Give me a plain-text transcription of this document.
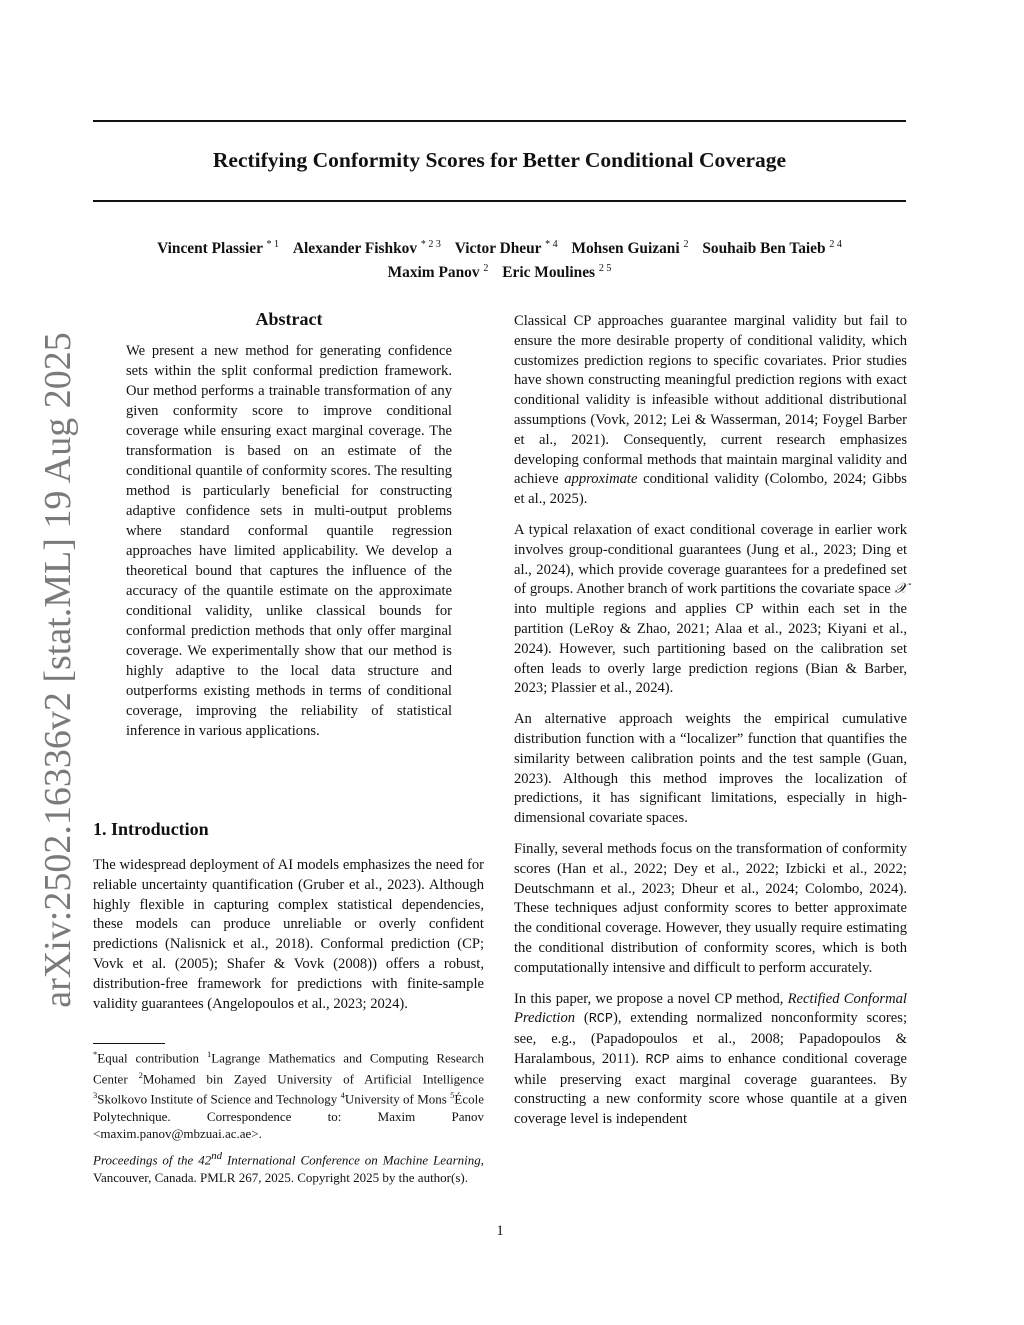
Rectifying Conformity Scores for Better Conditional Coverage
Vincent Plassier $^{* 1}$ Alexander Fishkov $^{* 2 3}$ Victor Dheur $^{* 4}$ Mohsen Guizani $^2$ Souhaib Ben Taieb $^{2 4}$
Maxim Panov $^2$ Eric Moulines $^{2 5}$
arXiv:2502.16336v2 [stat.ML] 19 Aug 2025
Abstract
We present a new method for generating confidence sets within the split conformal prediction framework. Our method performs a trainable transformation of any given conformity score to improve conditional coverage while ensuring exact marginal coverage. The transformation is based on an estimate of the conditional quantile of conformity scores. The resulting method is particularly beneficial for constructing adaptive confidence sets in multi-output problems where standard conformal quantile regression approaches have limited applicability. We develop a theoretical bound that captures the influence of the accuracy of the quantile estimate on the approximate conditional validity, unlike classical bounds for conformal prediction methods that only offer marginal coverage. We experimentally show that our method is highly adaptive to the local data structure and outperforms existing methods in terms of conditional coverage, improving the reliability of statistical inference in various applications.
1. Introduction
The widespread deployment of AI models emphasizes the need for reliable uncertainty quantification (Gruber et al., 2023). Although highly flexible in capturing complex statistical dependencies, these models can produce unreliable or overly confident predictions (Nalisnick et al., 2018). Conformal prediction (CP; Vovk et al. (2005); Shafer & Vovk (2008)) offers a robust, distribution-free framework for predictions with finite-sample validity guarantees (Angelopoulos et al., 2023; 2024).
*Equal contribution $^1$Lagrange Mathematics and Computing Research Center $^2$Mohamed bin Zayed University of Artificial Intelligence $^3$Skolkovo Institute of Science and Technology $^4$University of Mons $^5$École Polytechnique. Correspondence to: Maxim Panov <maxim.panov@mbzuai.ac.ae>.
Proceedings of the 42nd International Conference on Machine Learning, Vancouver, Canada. PMLR 267, 2025. Copyright 2025 by the author(s).

Classical CP approaches guarantee marginal validity but fail to ensure the more desirable property of conditional validity, which customizes prediction regions to specific covariates. Prior studies have shown constructing meaningful prediction regions with exact conditional validity is infeasible without additional distributional assumptions (Vovk, 2012; Lei & Wasserman, 2014; Foygel Barber et al., 2021). Consequently, current research emphasizes developing conformal methods that maintain marginal validity and achieve approximate conditional validity (Colombo, 2024; Gibbs et al., 2025).

A typical relaxation of exact conditional coverage in earlier work involves group-conditional guarantees (Jung et al., 2023; Ding et al., 2024), which provide coverage guarantees for a predefined set of groups. Another branch of work partitions the covariate space 𝒳 into multiple regions and applies CP within each set in the partition (LeRoy & Zhao, 2021; Alaa et al., 2023; Kiyani et al., 2024). However, such partitioning based on the calibration set often leads to overly large prediction regions (Bian & Barber, 2023; Plassier et al., 2024).

An alternative approach weights the empirical cumulative distribution function with a “localizer” function that quantifies the similarity between calibration points and the test sample (Guan, 2023). Although this method improves the localization of predictions, it has significant limitations, especially in high-dimensional covariate spaces.

Finally, several methods focus on the transformation of conformity scores (Han et al., 2022; Dey et al., 2022; Izbicki et al., 2022; Deutschmann et al., 2023; Dheur et al., 2024; Colombo, 2024). These techniques adjust conformity scores to better approximate the conditional coverage. However, they usually require estimating the conditional distribution of conformity scores, which is both computationally intensive and difficult to perform accurately.

In this paper, we propose a novel CP method, Rectified Conformal Prediction (RCP), extending normalized nonconformity scores; see, e.g., (Papadopoulos et al., 2008; Papadopoulos & Haralambous, 2011). RCP aims to enhance conditional coverage while preserving exact marginal coverage guarantees. By constructing a new conformity score whose quantile at a given coverage level is independent

1
